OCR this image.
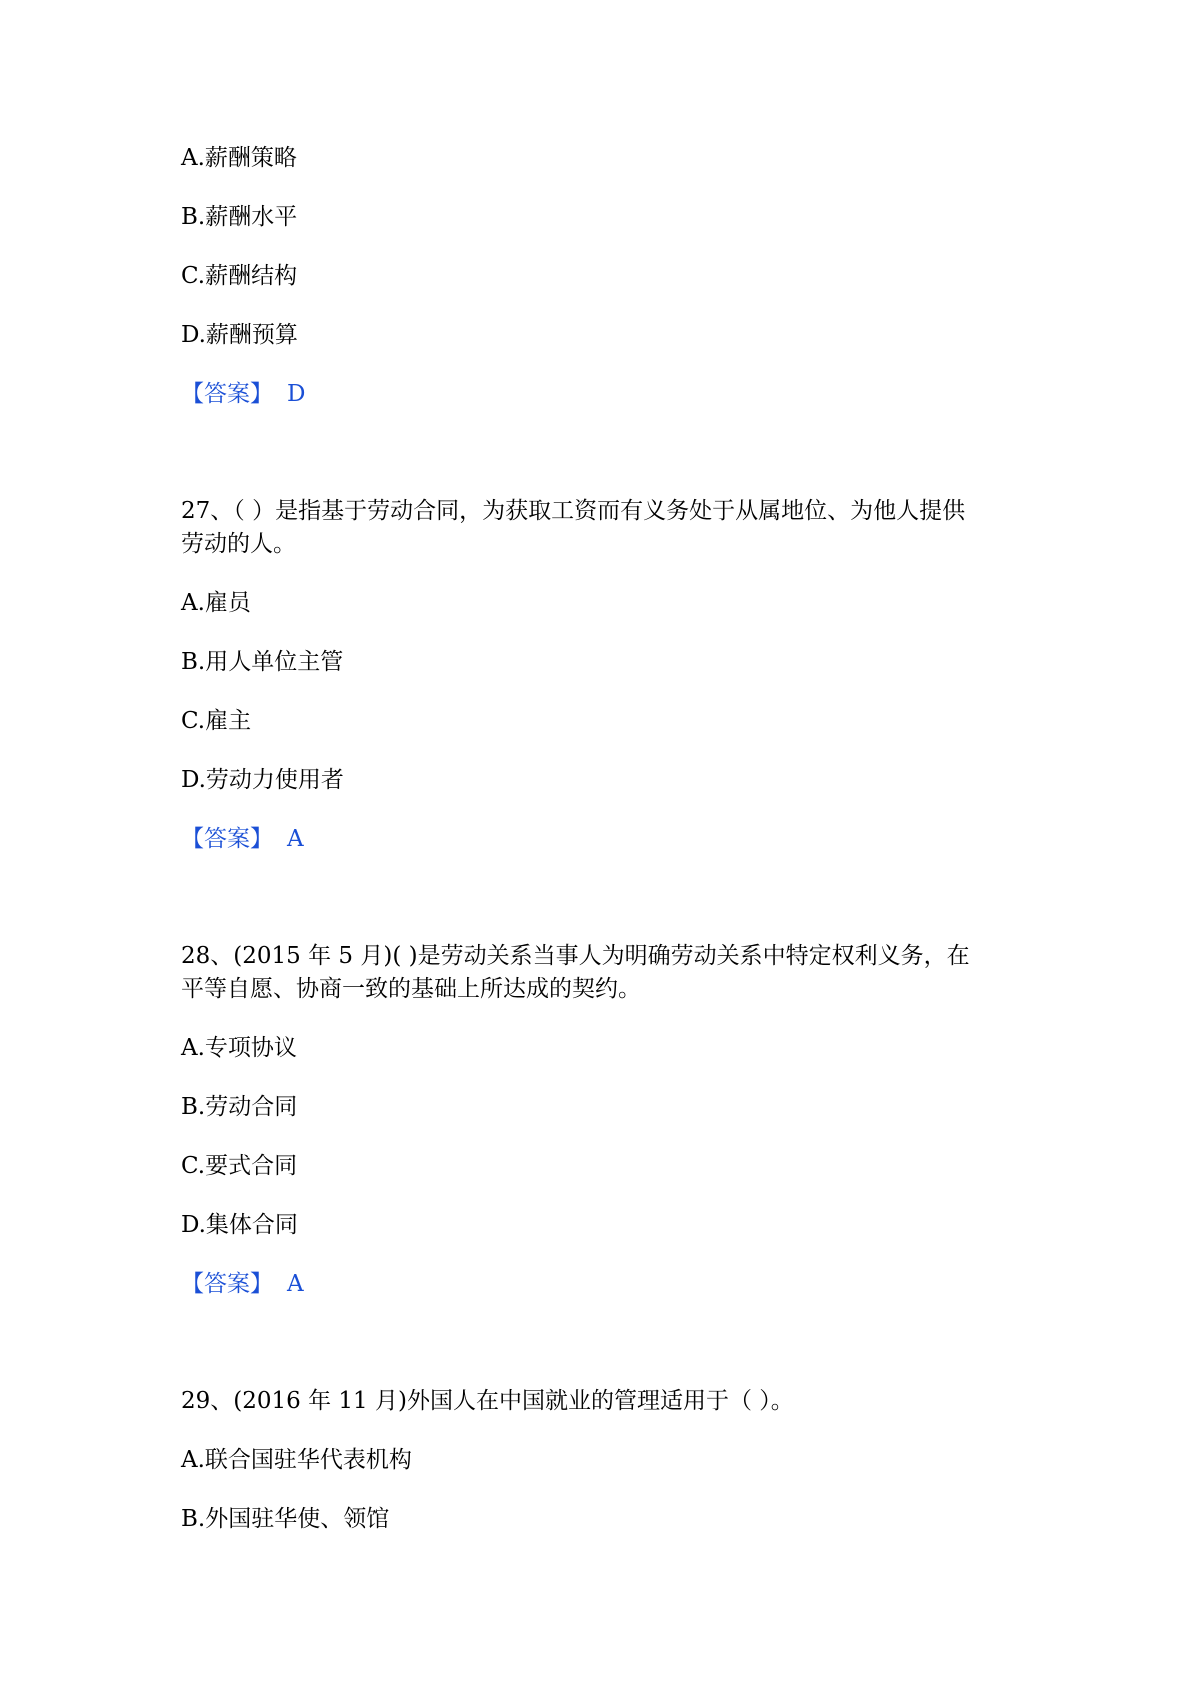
A.薪酬策略
B.薪酬水平
C.薪酬结构
D.薪酬预算
【答案】 D
27、（ ）是指基于劳动合同，为获取工资而有义务处于从属地位、为他人提供
劳动的人。
A.雇员
B.用人单位主管
C.雇主
D.劳动力使用者
【答案】 A
28、(2015 年 5 月)( )是劳动关系当事人为明确劳动关系中特定权利义务，在
平等自愿、协商一致的基础上所达成的契约。
A.专项协议
B.劳动合同
C.要式合同
D.集体合同
【答案】 A
29、(2016 年 11 月)外国人在中国就业的管理适用于（ ）。
A.联合国驻华代表机构
B.外国驻华使、领馆
